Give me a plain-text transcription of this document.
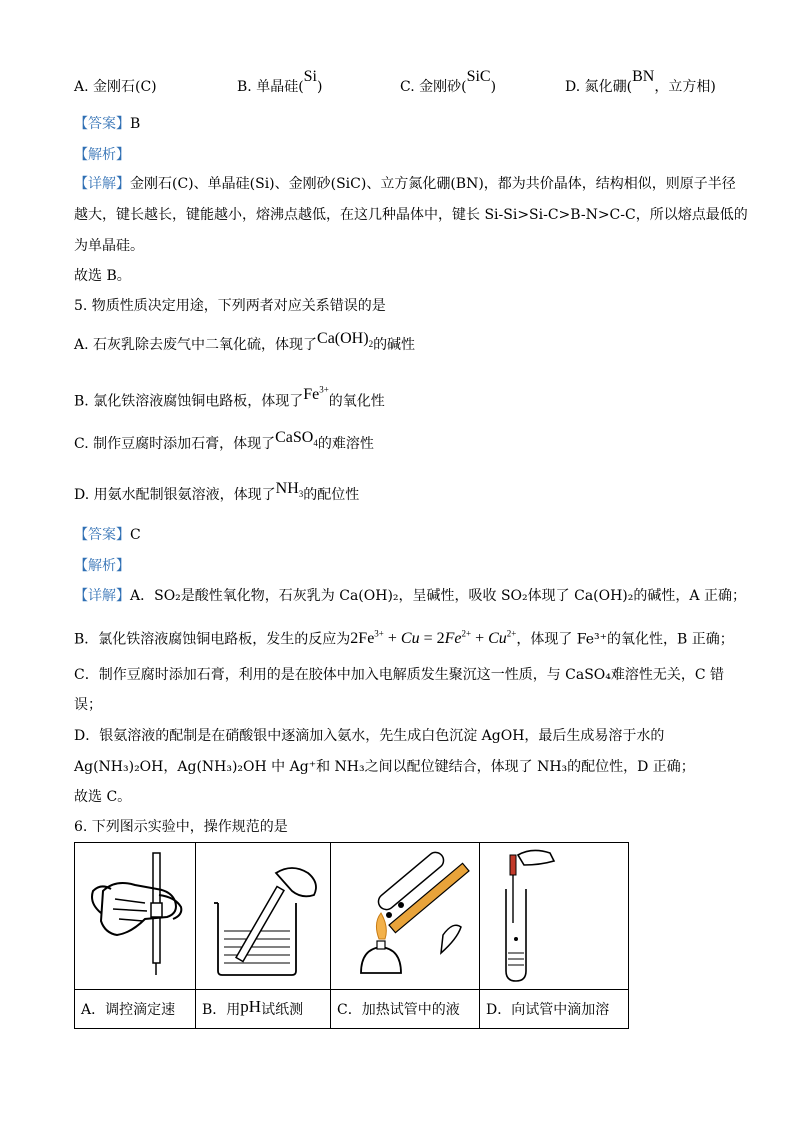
A. 金刚石(C)	B. 单晶硅(Si)	C. 金刚砂(SiC)	D. 氮化硼(BN，立方相)
【答案】B
【解析】
【详解】金刚石(C)、单晶硅(Si)、金刚砂(SiC)、立方氮化硼(BN)，都为共价晶体，结构相似，则原子半径
越大，键长越长，键能越小，熔沸点越低，在这几种晶体中，键长 Si-Si>Si-C>B-N>C-C，所以熔点最低的
为单晶硅。
故选 B。
5. 物质性质决定用途，下列两者对应关系错误的是
A. 石灰乳除去废气中二氧化硫，体现了$Ca(OH)_2$的碱性
B. 氯化铁溶液腐蚀铜电路板，体现了$Fe^{3+}$的氧化性
C. 制作豆腐时添加石膏，体现了CaSO$_4$的难溶性
D. 用氨水配制银氨溶液，体现了$NH_3$的配位性
【答案】C
【解析】
【详解】A．SO₂是酸性氧化物，石灰乳为 Ca(OH)₂，呈碱性，吸收 SO₂体现了 Ca(OH)₂的碱性，A 正确；
B．氯化铁溶液腐蚀铜电路板，发生的反应为$2Fe^{3+} + Cu = 2Fe^{2+} + Cu^{2+}$，体现了 Fe³⁺的氧化性，B 正确；
C．制作豆腐时添加石膏，利用的是在胶体中加入电解质发生聚沉这一性质，与 CaSO₄难溶性无关，C 错
误；
D．银氨溶液的配制是在硝酸银中逐滴加入氨水，先生成白色沉淀 AgOH，最后生成易溶于水的
Ag(NH₃)₂OH，Ag(NH₃)₂OH 中 Ag⁺和 NH₃之间以配位键结合，体现了 NH₃的配位性，D 正确；
故选 C。
6. 下列图示实验中，操作规范的是

A．调控滴定速	B．用pH试纸测	C．加热试管中的液	D．向试管中滴加溶
